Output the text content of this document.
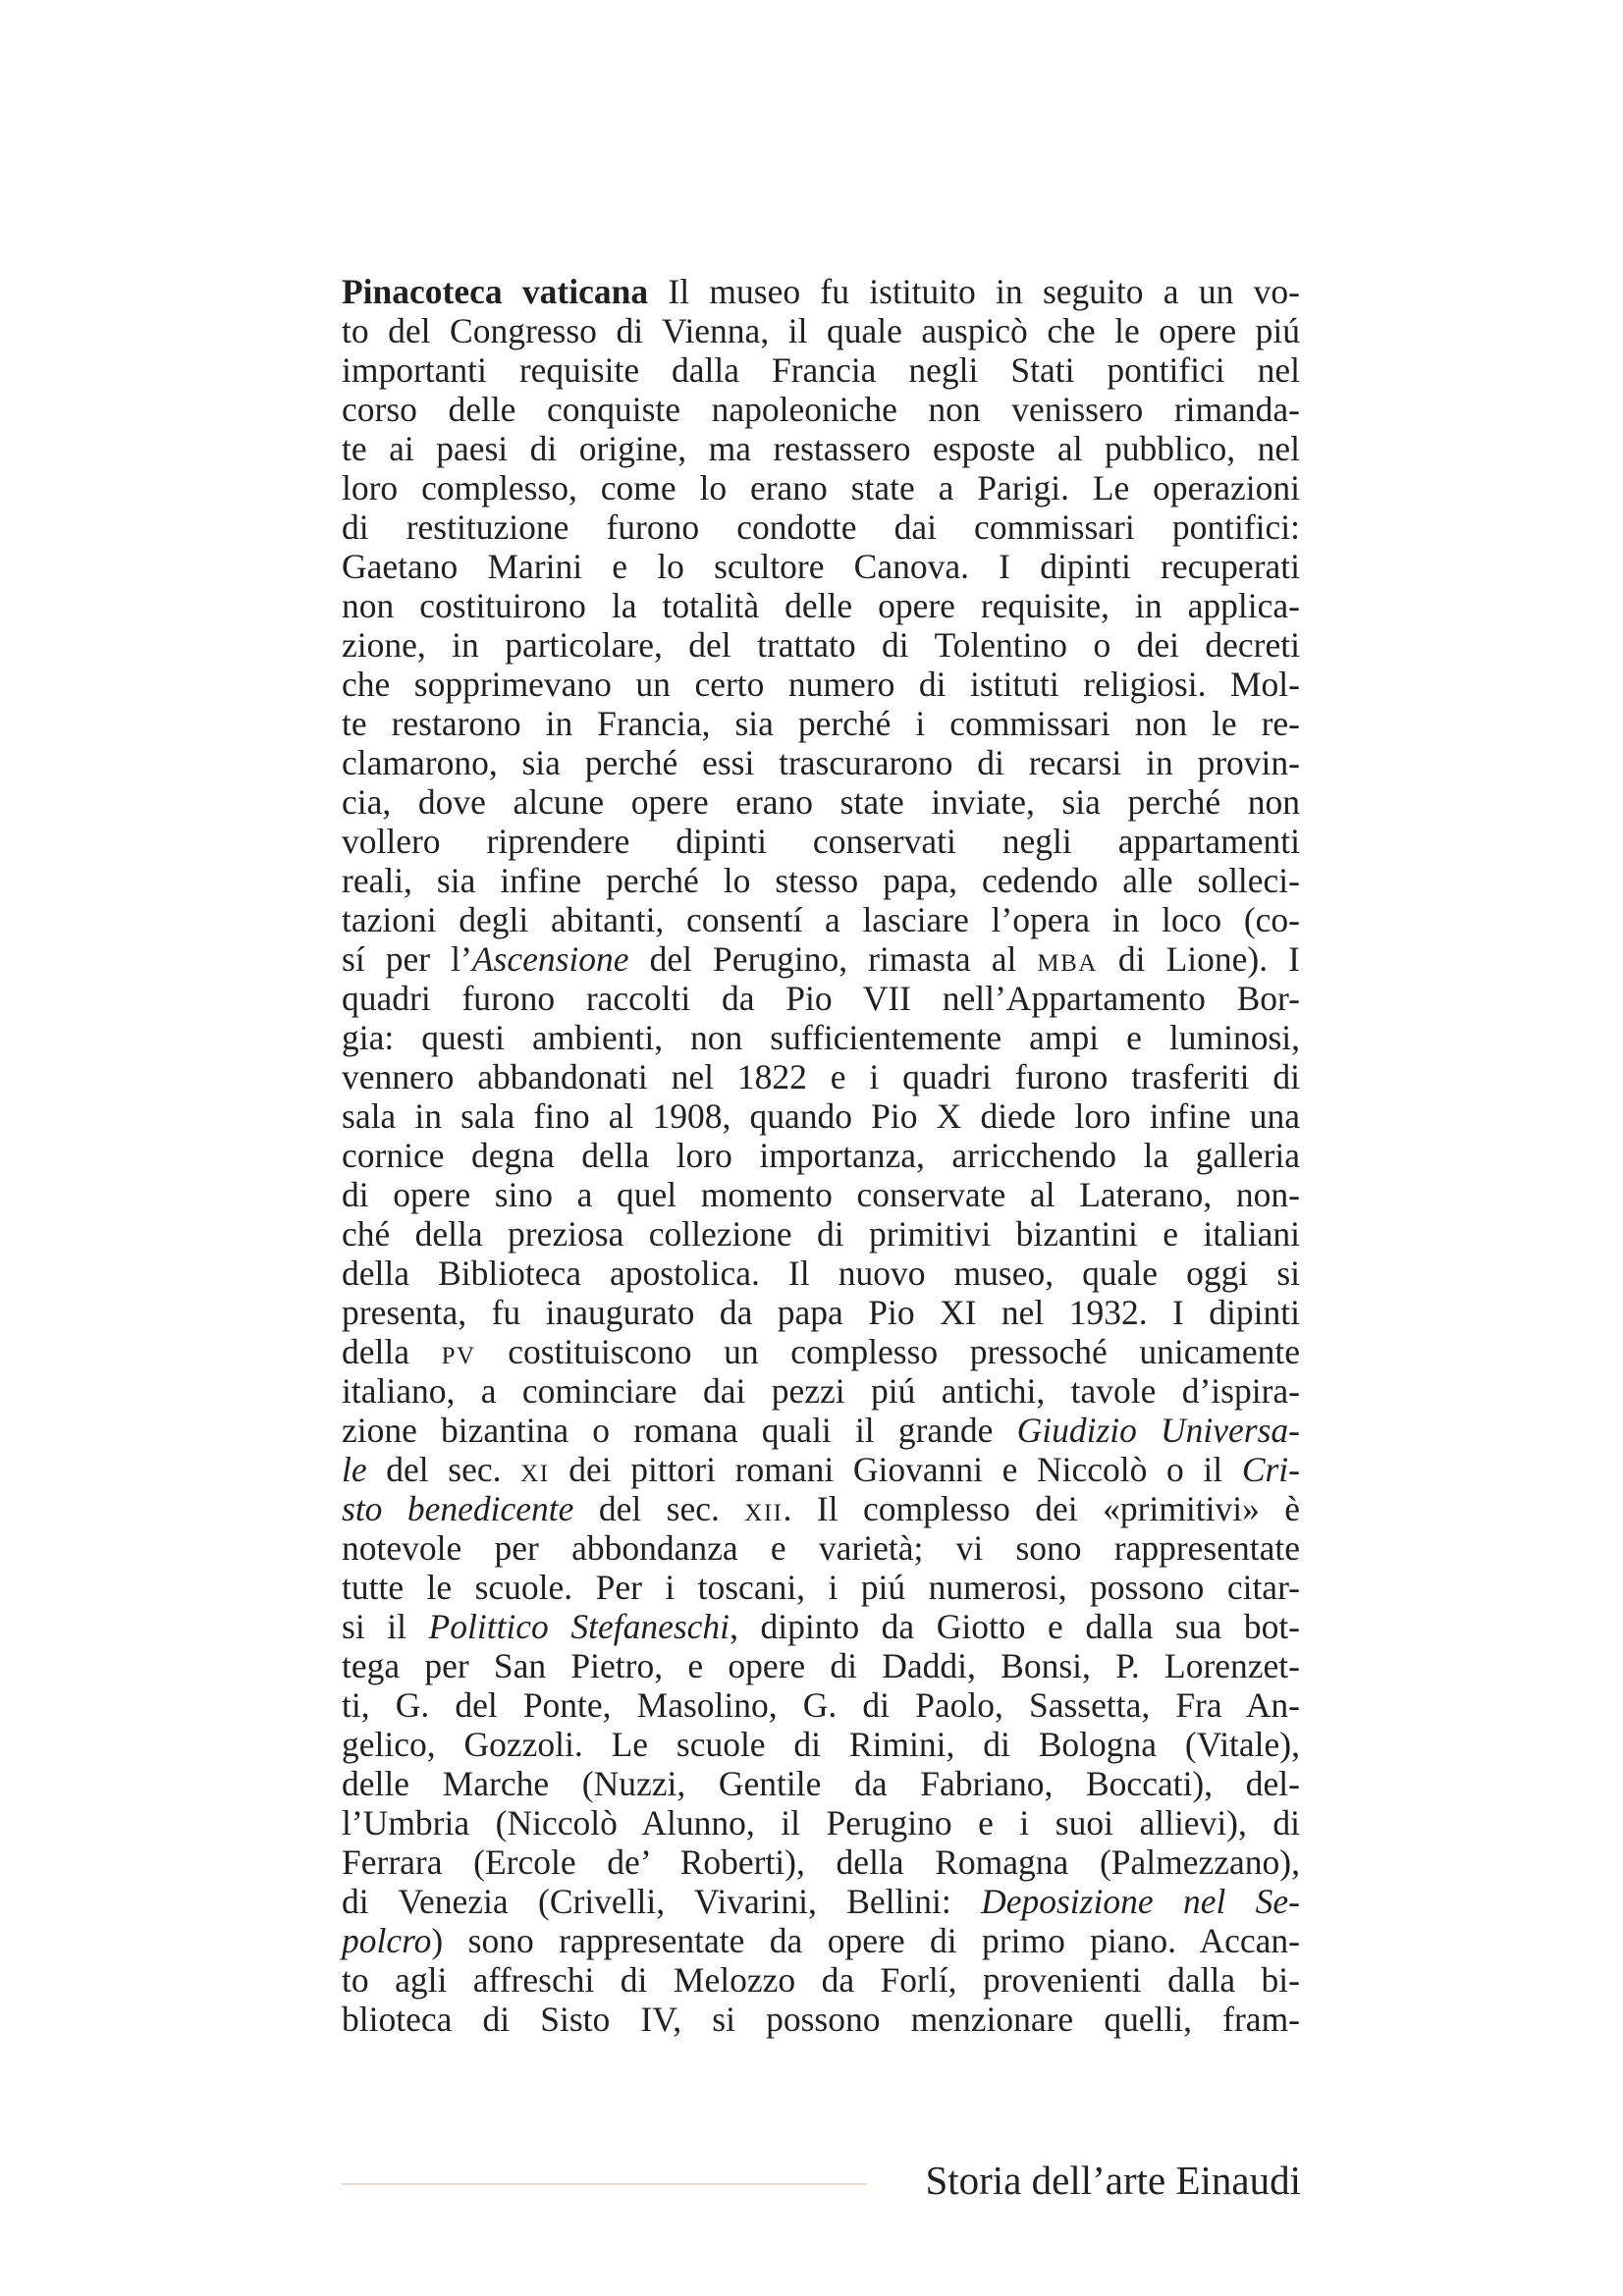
Pinacoteca vaticana Il museo fu istituito in seguito a un vo-
to del Congresso di Vienna, il quale auspicò che le opere piú
importanti requisite dalla Francia negli Stati pontifici nel
corso delle conquiste napoleoniche non venissero rimanda-
te ai paesi di origine, ma restassero esposte al pubblico, nel
loro complesso, come lo erano state a Parigi. Le operazioni
di restituzione furono condotte dai commissari pontifici:
Gaetano Marini e lo scultore Canova. I dipinti recuperati
non costituirono la totalità delle opere requisite, in applica-
zione, in particolare, del trattato di Tolentino o dei decreti
che sopprimevano un certo numero di istituti religiosi. Mol-
te restarono in Francia, sia perché i commissari non le re-
clamarono, sia perché essi trascurarono di recarsi in provin-
cia, dove alcune opere erano state inviate, sia perché non
vollero riprendere dipinti conservati negli appartamenti
reali, sia infine perché lo stesso papa, cedendo alle solleci-
tazioni degli abitanti, consentí a lasciare l’opera in loco (co-
sí per l’Ascensione del Perugino, rimasta al MBA di Lione). I
quadri furono raccolti da Pio VII nell’Appartamento Bor-
gia: questi ambienti, non sufficientemente ampi e luminosi,
vennero abbandonati nel 1822 e i quadri furono trasferiti di
sala in sala fino al 1908, quando Pio X diede loro infine una
cornice degna della loro importanza, arricchendo la galleria
di opere sino a quel momento conservate al Laterano, non-
ché della preziosa collezione di primitivi bizantini e italiani
della Biblioteca apostolica. Il nuovo museo, quale oggi si
presenta, fu inaugurato da papa Pio XI nel 1932. I dipinti
della PV costituiscono un complesso pressoché unicamente
italiano, a cominciare dai pezzi piú antichi, tavole d’ispira-
zione bizantina o romana quali il grande Giudizio Universa-
le del sec. XI dei pittori romani Giovanni e Niccolò o il Cri-
sto benedicente del sec. XII. Il complesso dei «primitivi» è
notevole per abbondanza e varietà; vi sono rappresentate
tutte le scuole. Per i toscani, i piú numerosi, possono citar-
si il Polittico Stefaneschi, dipinto da Giotto e dalla sua bot-
tega per San Pietro, e opere di Daddi, Bonsi, P. Lorenzet-
ti, G. del Ponte, Masolino, G. di Paolo, Sassetta, Fra An-
gelico, Gozzoli. Le scuole di Rimini, di Bologna (Vitale),
delle Marche (Nuzzi, Gentile da Fabriano, Boccati), del-
l’Umbria (Niccolò Alunno, il Perugino e i suoi allievi), di
Ferrara (Ercole de’ Roberti), della Romagna (Palmezzano),
di Venezia (Crivelli, Vivarini, Bellini: Deposizione nel Se-
polcro) sono rappresentate da opere di primo piano. Accan-
to agli affreschi di Melozzo da Forlí, provenienti dalla bi-
blioteca di Sisto IV, si possono menzionare quelli, fram-
Storia dell’arte Einaudi
